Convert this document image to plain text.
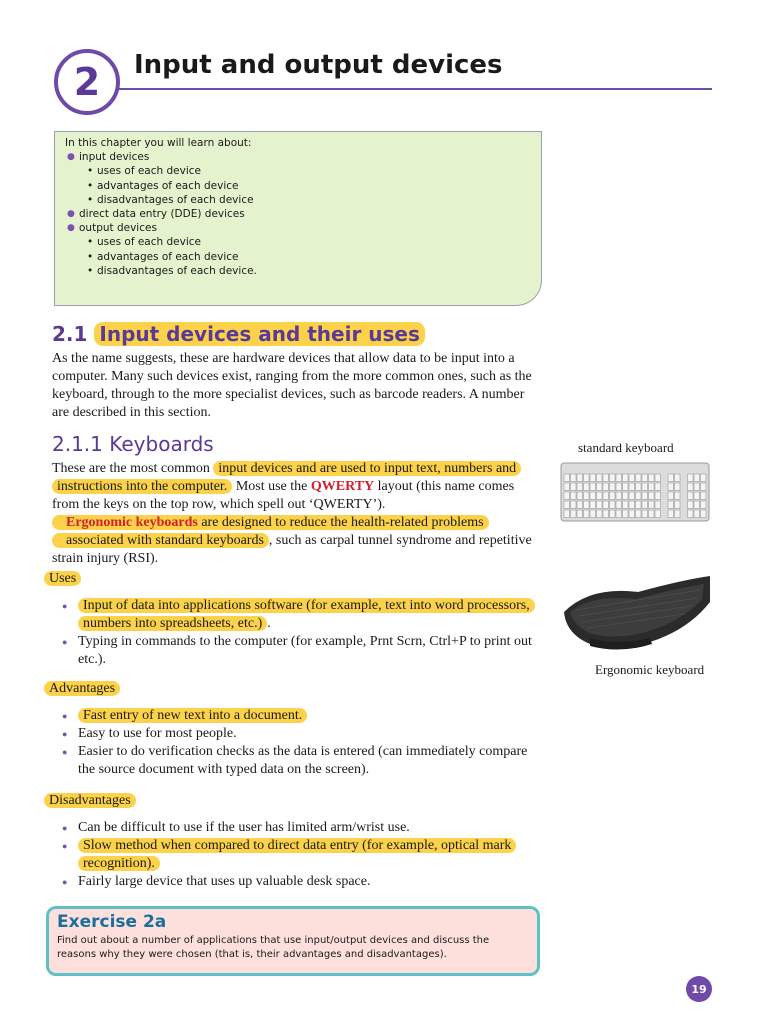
2	Input and output devices
In this chapter you will learn about:
● input devices
• uses of each device
• advantages of each device
• disadvantages of each device
● direct data entry (DDE) devices
● output devices
• uses of each device
• advantages of each device
• disadvantages of each device.
2.1 Input devices and their uses
As the name suggests, these are hardware devices that allow data to be input into a computer. Many such devices exist, ranging from the more common ones, such as the keyboard, through to the more specialist devices, such as barcode readers. A number are described in this section.
2.1.1 Keyboards
These are the most common input devices and are used to input text, numbers and instructions into the computer. Most use the QWERTY layout (this name comes from the keys on the top row, which spell out ‘QWERTY’).
Ergonomic keyboards are designed to reduce the health-related problems associated with standard keyboards , such as carpal tunnel syndrome and repetitive strain injury (RSI).
Uses
● Input of data into applications software (for example, text into word processors, numbers into spreadsheets, etc.) .
● Typing in commands to the computer (for example, Prnt Scrn, Ctrl+P to print out etc.).
Advantages
● Fast entry of new text into a document.
● Easy to use for most people.
● Easier to do verification checks as the data is entered (can immediately compare the source document with typed data on the screen).
Disadvantages
● Can be difficult to use if the user has limited arm/wrist use.
● Slow method when compared to direct data entry (for example, optical mark recognition).
● Fairly large device that uses up valuable desk space.
standard keyboard
Ergonomic keyboard
Exercise 2a
Find out about a number of applications that use input/output devices and discuss the reasons why they were chosen (that is, their advantages and disadvantages).
19
